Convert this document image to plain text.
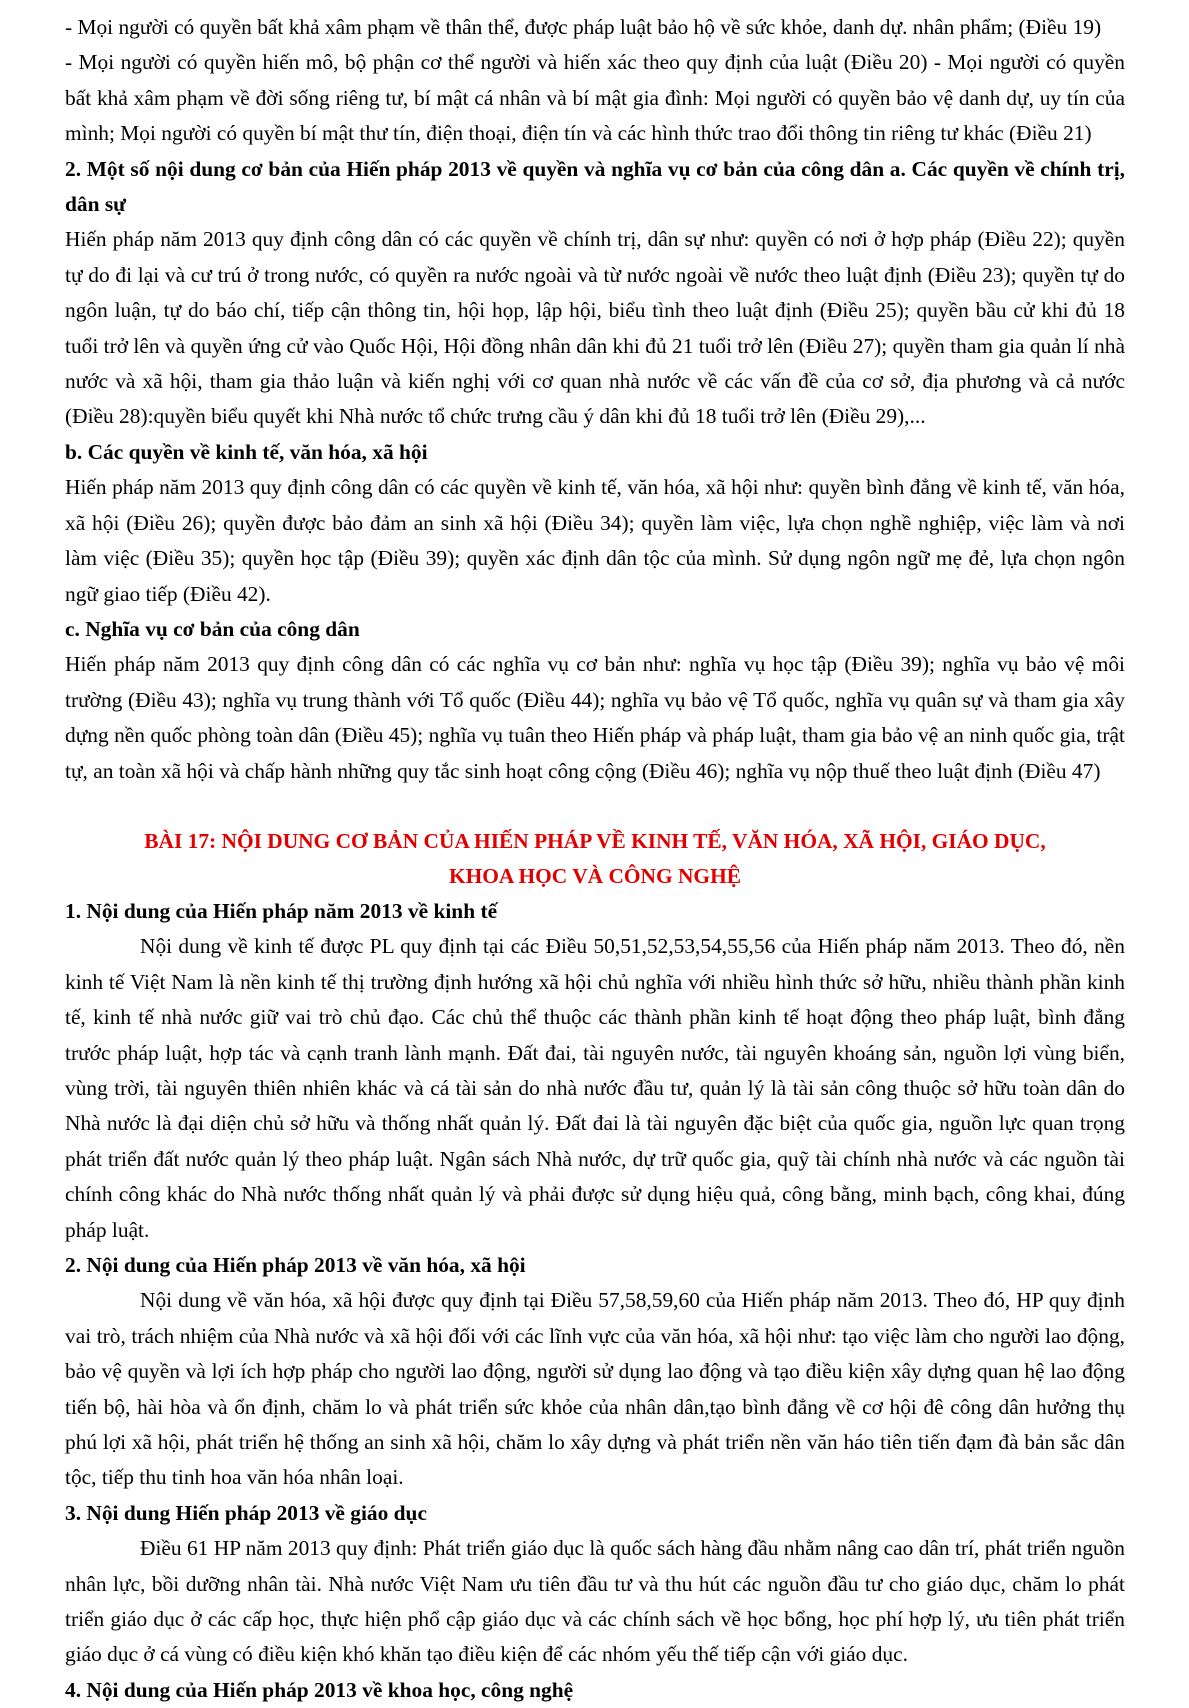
- Mọi người có quyền bất khả xâm phạm về thân thể, được pháp luật bảo hộ về sức khỏe, danh dự. nhân phẩm; (Điều 19)

- Mọi người có quyền hiến mô, bộ phận cơ thể người và hiến xác theo quy định của luật (Điều 20) - Mọi người có quyền bất khả xâm phạm về đời sống riêng tư, bí mật cá nhân và bí mật gia đình: Mọi người có quyền bảo vệ danh dự, uy tín của mình; Mọi người có quyền bí mật thư tín, điện thoại, điện tín và các hình thức trao đổi thông tin riêng tư khác (Điều 21)

2. Một số nội dung cơ bản của Hiến pháp 2013 về quyền và nghĩa vụ cơ bản của công dân a. Các quyền về chính trị, dân sự

Hiến pháp năm 2013 quy định công dân có các quyền về chính trị, dân sự như: quyền có nơi ở hợp pháp (Điều 22); quyền tự do đi lại và cư trú ở trong nước, có quyền ra nước ngoài và từ nước ngoài về nước theo luật định (Điều 23); quyền tự do ngôn luận, tự do báo chí, tiếp cận thông tin, hội họp, lập hội, biểu tình theo luật định (Điều 25); quyền bầu cử khi đủ 18 tuổi trở lên và quyền ứng cử vào Quốc Hội, Hội đồng nhân dân khi đủ 21 tuổi trở lên (Điều 27); quyền tham gia quản lí nhà nước và xã hội, tham gia thảo luận và kiến nghị với cơ quan nhà nước về các vấn đề của cơ sở, địa phương và cả nước (Điều 28):quyền biểu quyết khi Nhà nước tổ chức trưng cầu ý dân khi đủ 18 tuổi trở lên (Điều 29),...

b. Các quyền về kinh tế, văn hóa, xã hội

Hiến pháp năm 2013 quy định công dân có các quyền về kinh tế, văn hóa, xã hội như: quyền bình đẳng về kinh tế, văn hóa, xã hội (Điều 26); quyền được bảo đảm an sinh xã hội (Điều 34); quyền làm việc, lựa chọn nghề nghiệp, việc làm và nơi làm việc (Điều 35); quyền học tập (Điều 39); quyền xác định dân tộc của mình. Sử dụng ngôn ngữ mẹ đẻ, lựa chọn ngôn ngữ giao tiếp (Điều 42).

c. Nghĩa vụ cơ bản của công dân

Hiến pháp năm 2013 quy định công dân có các nghĩa vụ cơ bản như: nghĩa vụ học tập (Điều 39); nghĩa vụ bảo vệ môi trường (Điều 43); nghĩa vụ trung thành với Tổ quốc (Điều 44); nghĩa vụ bảo vệ Tổ quốc, nghĩa vụ quân sự và tham gia xây dựng nền quốc phòng toàn dân (Điều 45); nghĩa vụ tuân theo Hiến pháp và pháp luật, tham gia bảo vệ an ninh quốc gia, trật tự, an toàn xã hội và chấp hành những quy tắc sinh hoạt công cộng (Điều 46); nghĩa vụ nộp thuế theo luật định (Điều 47)

BÀI 17: NỘI DUNG CƠ BẢN CỦA HIẾN PHÁP VỀ KINH TẾ, VĂN HÓA, XÃ HỘI, GIÁO DỤC,
KHOA HỌC VÀ CÔNG NGHỆ

1. Nội dung của Hiến pháp năm 2013 về kinh tế

Nội dung về kinh tế được PL quy định tại các Điều 50,51,52,53,54,55,56 của Hiến pháp năm 2013. Theo đó, nền kinh tế Việt Nam là nền kinh tế thị trường định hướng xã hội chủ nghĩa với nhiều hình thức sở hữu, nhiều thành phần kinh tế, kinh tế nhà nước giữ vai trò chủ đạo. Các chủ thể thuộc các thành phần kinh tế hoạt động theo pháp luật, bình đẳng trước pháp luật, hợp tác và cạnh tranh lành mạnh. Đất đai, tài nguyên nước, tài nguyên khoáng sản, nguồn lợi vùng biển, vùng trời, tài nguyên thiên nhiên khác và cá tài sản do nhà nước đầu tư, quản lý là tài sản công thuộc sở hữu toàn dân do Nhà nước là đại diện chủ sở hữu và thống nhất quản lý. Đất đai là tài nguyên đặc biệt của quốc gia, nguồn lực quan trọng phát triển đất nước quản lý theo pháp luật. Ngân sách Nhà nước, dự trữ quốc gia, quỹ tài chính nhà nước và các nguồn tài chính công khác do Nhà nước thống nhất quản lý và phải được sử dụng hiệu quả, công bằng, minh bạch, công khai, đúng pháp luật.

2. Nội dung của Hiến pháp 2013 về văn hóa, xã hội

Nội dung về văn hóa, xã hội được quy định tại Điều 57,58,59,60 của Hiến pháp năm 2013. Theo đó, HP quy định vai trò, trách nhiệm của Nhà nước và xã hội đối với các lĩnh vực của văn hóa, xã hội như: tạo việc làm cho người lao động, bảo vệ quyền và lợi ích hợp pháp cho người lao động, người sử dụng lao động và tạo điều kiện xây dựng quan hệ lao động tiến bộ, hài hòa và ổn định, chăm lo và phát triển sức khỏe của nhân dân,tạo bình đẳng về cơ hội đê công dân hưởng thụ phú lợi xã hội, phát triển hệ thống an sinh xã hội, chăm lo xây dựng và phát triển nền văn háo tiên tiến đạm đà bản sắc dân tộc, tiếp thu tinh hoa văn hóa nhân loại.

3. Nội dung Hiến pháp 2013 về giáo dục

Điều 61 HP năm 2013 quy định: Phát triển giáo dục là quốc sách hàng đầu nhằm nâng cao dân trí, phát triển nguồn nhân lực, bồi dưỡng nhân tài. Nhà nước Việt Nam ưu tiên đầu tư và thu hút các nguồn đầu tư cho giáo dục, chăm lo phát triển giáo dục ở các cấp học, thực hiện phổ cập giáo dục và các chính sách về học bổng, học phí hợp lý, ưu tiên phát triển giáo dục ở cá vùng có điều kiện khó khăn tạo điều kiện để các nhóm yếu thế tiếp cận với giáo dục.

4. Nội dung của Hiến pháp 2013 về khoa học, công nghệ
